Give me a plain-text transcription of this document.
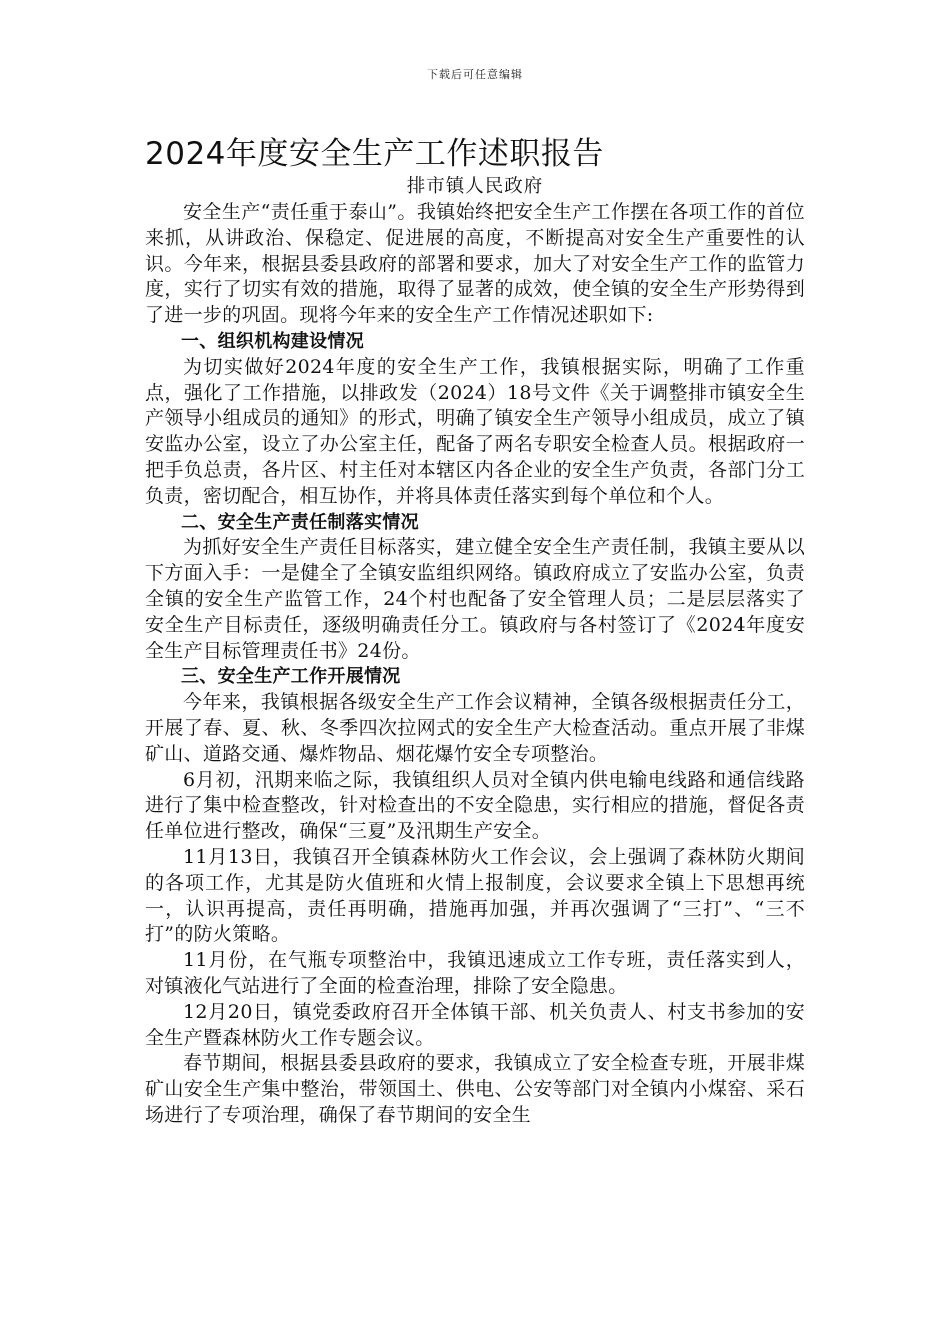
下载后可任意编辑
2024年度安全生产工作述职报告
排市镇人民政府

安全生产“责任重于泰山”。我镇始终把安全生产工作摆在各项工作的首位来抓，从讲政治、保稳定、促进展的高度，不断提高对安全生产重要性的认识。今年来，根据县委县政府的部署和要求，加大了对安全生产工作的监管力度，实行了切实有效的措施，取得了显著的成效，使全镇的安全生产形势得到了进一步的巩固。现将今年来的安全生产工作情况述职如下:

一、组织机构建设情况

为切实做好2024年度的安全生产工作，我镇根据实际，明确了工作重点，强化了工作措施，以排政发（2024）18号文件《关于调整排市镇安全生产领导小组成员的通知》的形式，明确了镇安全生产领导小组成员，成立了镇安监办公室，设立了办公室主任，配备了两名专职安全检查人员。根据政府一把手负总责，各片区、村主任对本辖区内各企业的安全生产负责，各部门分工负责，密切配合，相互协作，并将具体责任落实到每个单位和个人。

二、安全生产责任制落实情况

为抓好安全生产责任目标落实，建立健全安全生产责任制，我镇主要从以下方面入手：一是健全了全镇安监组织网络。镇政府成立了安监办公室，负责全镇的安全生产监管工作，24个村也配备了安全管理人员；二是层层落实了安全生产目标责任，逐级明确责任分工。镇政府与各村签订了《2024年度安全生产目标管理责任书》24份。

三、安全生产工作开展情况

今年来，我镇根据各级安全生产工作会议精神，全镇各级根据责任分工，开展了春、夏、秋、冬季四次拉网式的安全生产大检查活动。重点开展了非煤矿山、道路交通、爆炸物品、烟花爆竹安全专项整治。

6月初，汛期来临之际，我镇组织人员对全镇内供电输电线路和通信线路进行了集中检查整改，针对检查出的不安全隐患，实行相应的措施，督促各责任单位进行整改，确保“三夏”及汛期生产安全。

11月13日，我镇召开全镇森林防火工作会议，会上强调了森林防火期间的各项工作，尤其是防火值班和火情上报制度，会议要求全镇上下思想再统一，认识再提高，责任再明确，措施再加强，并再次强调了“三打”、“三不打”的防火策略。

11月份，在气瓶专项整治中，我镇迅速成立工作专班，责任落实到人，对镇液化气站进行了全面的检查治理，排除了安全隐患。

12月20日，镇党委政府召开全体镇干部、机关负责人、村支书参加的安全生产暨森林防火工作专题会议。

春节期间，根据县委县政府的要求，我镇成立了安全检查专班，开展非煤矿山安全生产集中整治，带领国土、供电、公安等部门对全镇内小煤窑、采石场进行了专项治理，确保了春节期间的安全生
